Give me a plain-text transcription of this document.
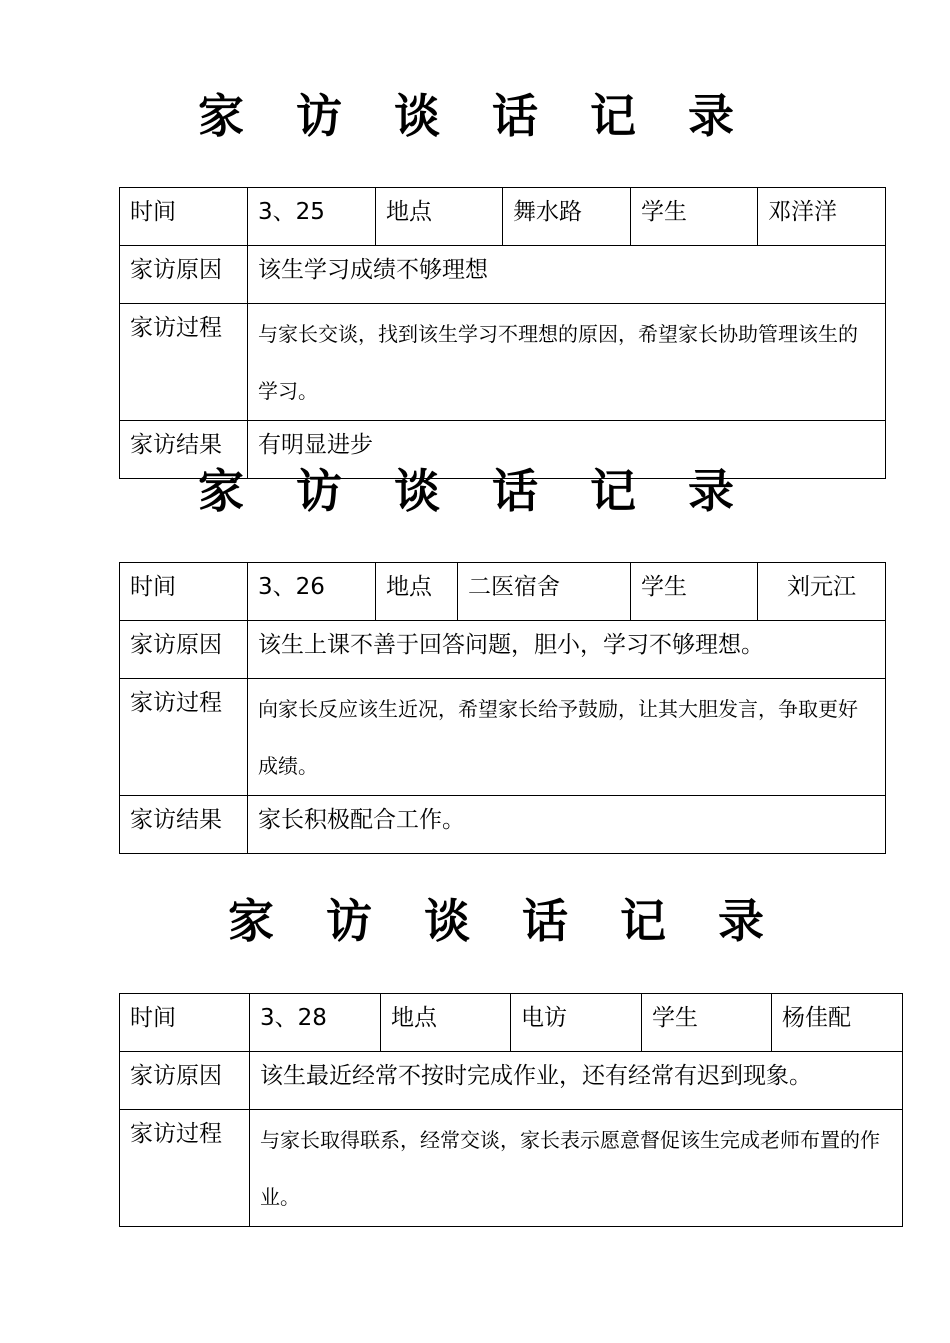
家 访 谈 话 记 录
时间	3、25	地点	舞水路	学生	邓洋洋
家访原因	该生学习成绩不够理想				
家访过程	与家长交谈，找到该生学习不理想的原因，希望家长协助管理该生的学习。				
家访结果	有明显进步				
家 访 谈 话 记 录
时间	3、26	地点	二医宿舍	学生	刘元江
家访原因	该生上课不善于回答问题，胆小，学习不够理想。				
家访过程	向家长反应该生近况，希望家长给予鼓励，让其大胆发言，争取更好成绩。				
家访结果	家长积极配合工作。				
家 访 谈 话 记 录
时间	3、28	地点	电访	学生	杨佳配
家访原因	该生最近经常不按时完成作业，还有经常有迟到现象。				
家访过程	与家长取得联系，经常交谈，家长表示愿意督促该生完成老师布置的作业。				
